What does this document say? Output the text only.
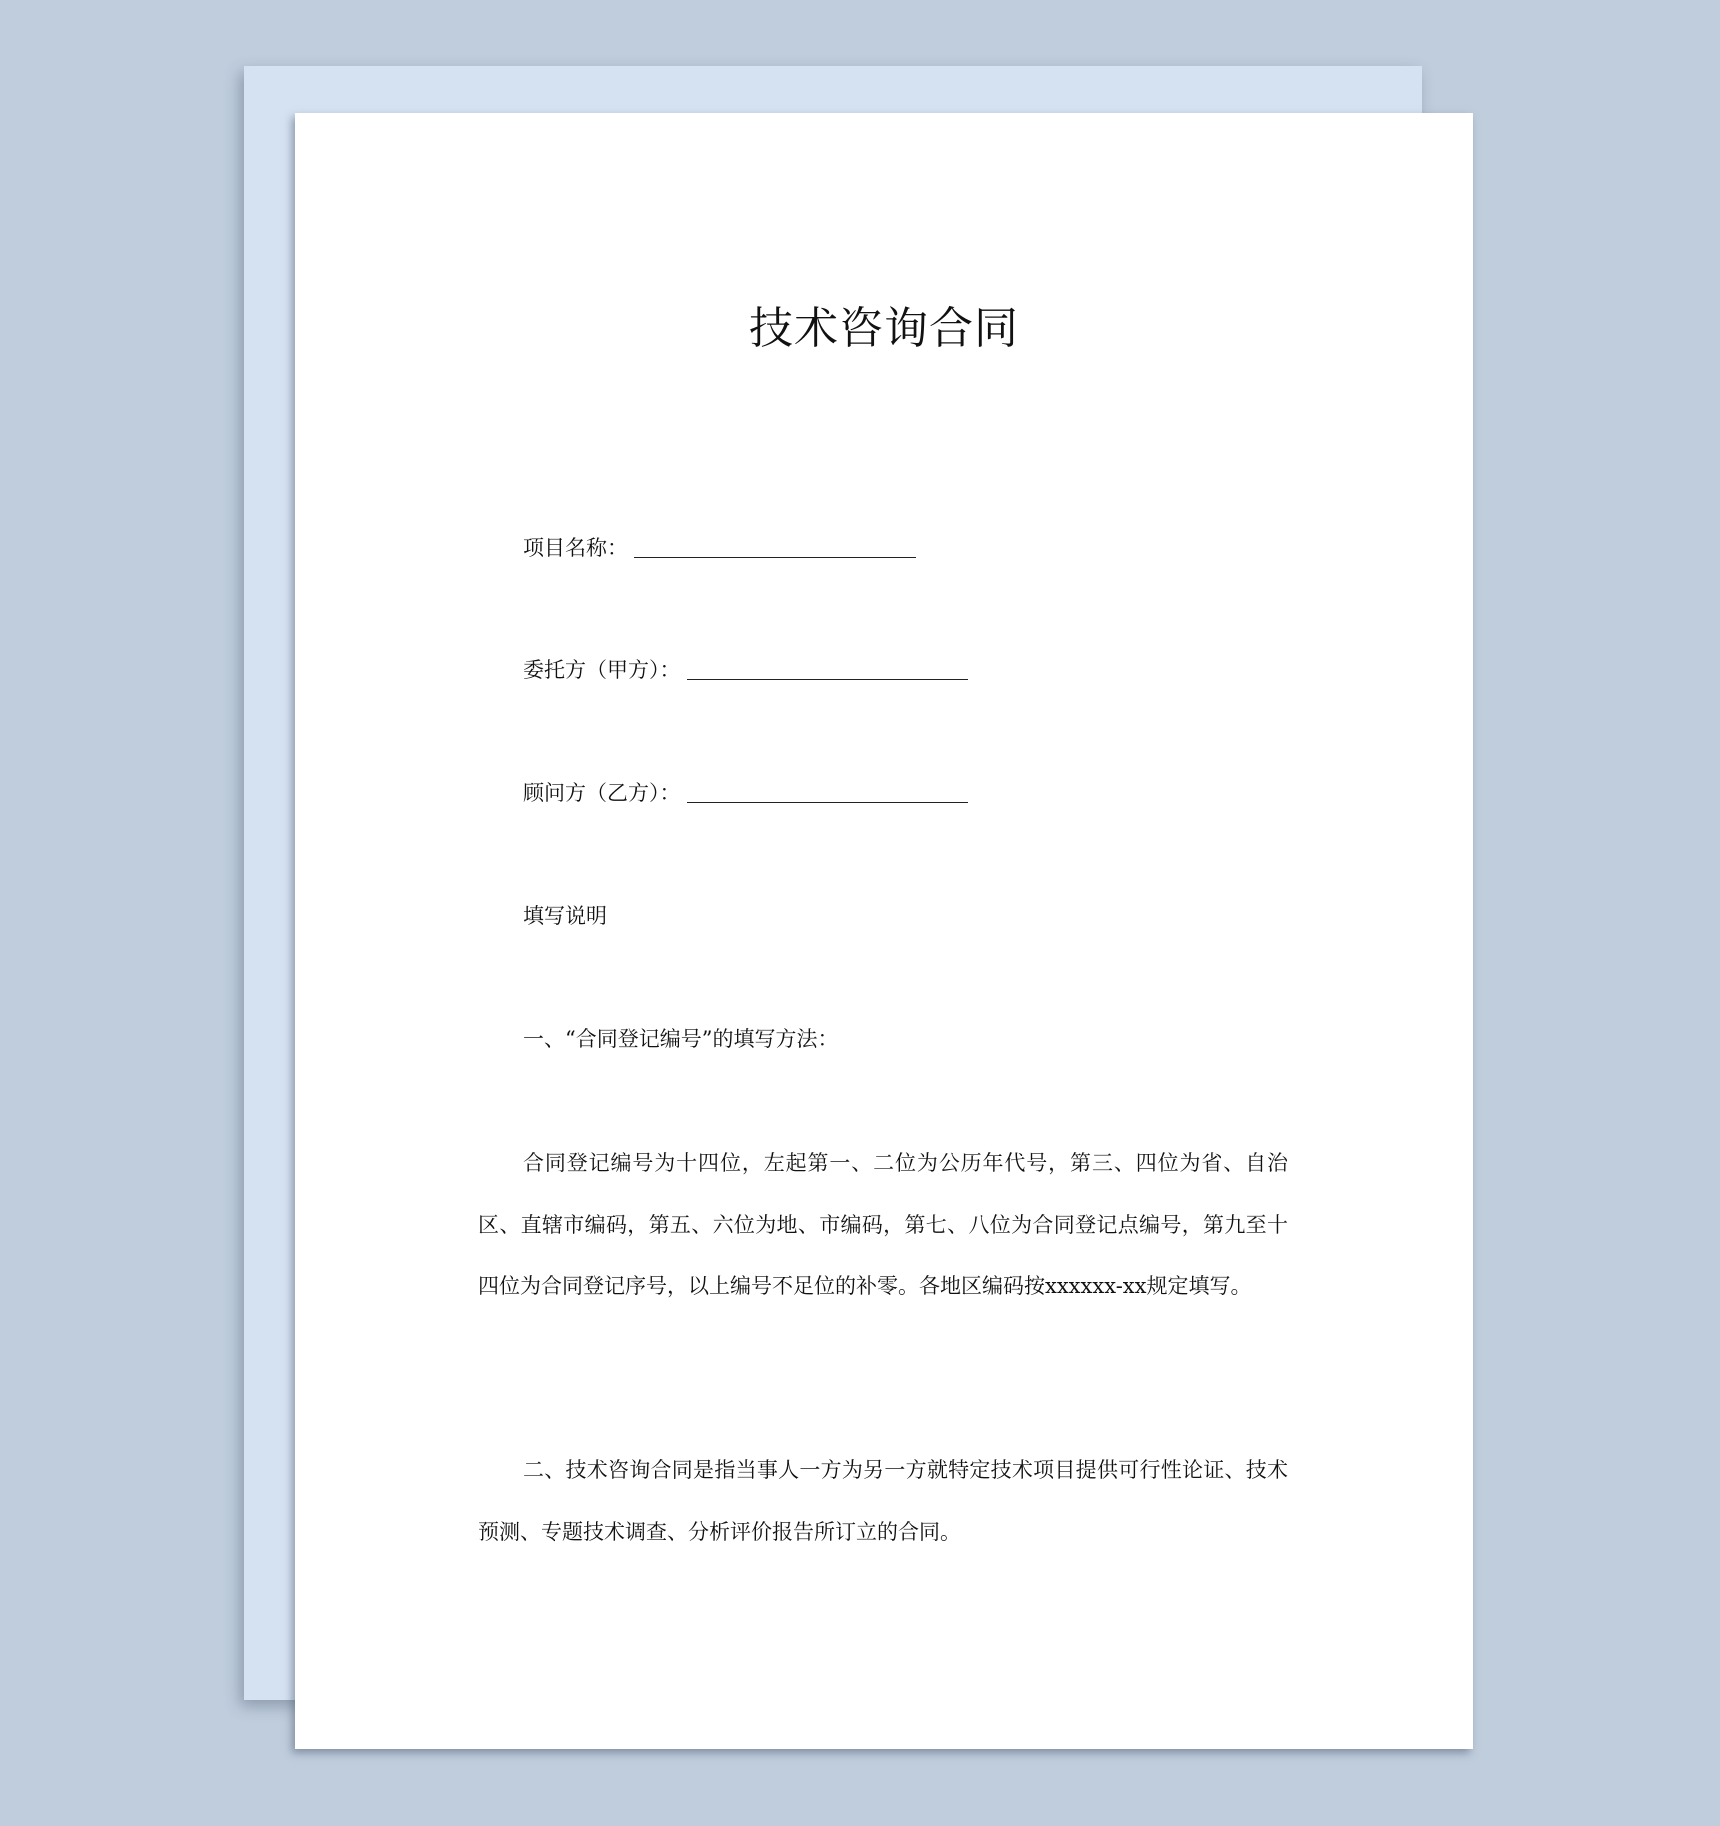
技术咨询合同
项目名称：
委托方（甲方）：
顾问方（乙方）：
填写说明
一、“合同登记编号”的填写方法：

合同登记编号为十四位，左起第一、二位为公历年代号，第三、四位为省、自治区、直辖市编码，第五、六位为地、市编码，第七、八位为合同登记点编号，第九至十四位为合同登记序号，以上编号不足位的补零。各地区编码按xxxxxx-xx规定填写。

二、技术咨询合同是指当事人一方为另一方就特定技术项目提供可行性论证、技术预测、专题技术调查、分析评价报告所订立的合同。
